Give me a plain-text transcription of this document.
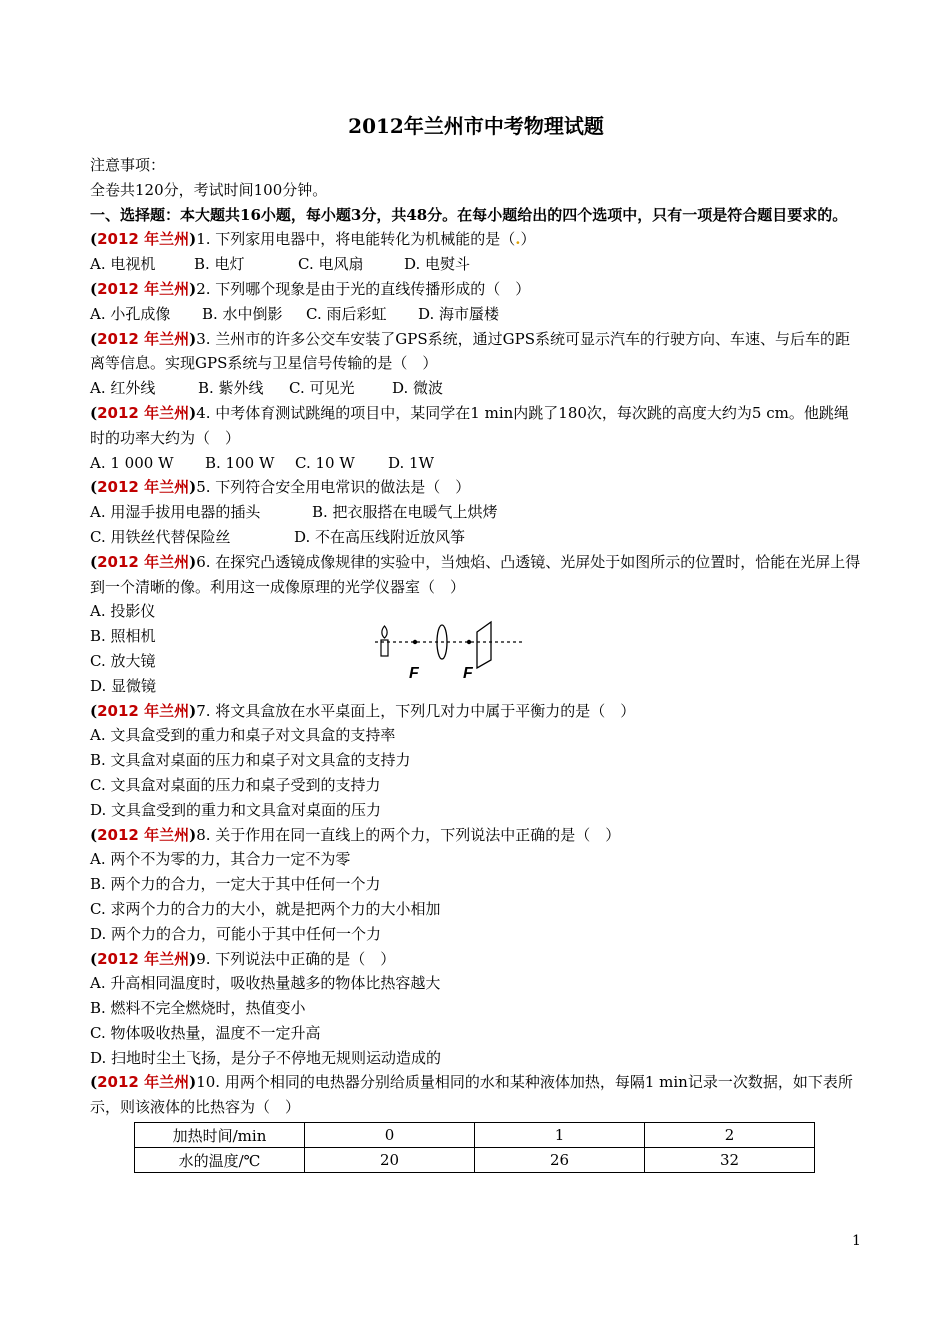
2012年兰州市中考物理试题
注意事项：
全卷共120分，考试时间100分钟。
一、选择题：本大题共16小题，每小题3分，共48分。在每小题给出的四个选项中，只有一项是符合题目要求的。
(2012 年兰州)1. 下列家用电器中，将电能转化为机械能的是（.）
A. 电视机	B. 电灯	C. 电风扇	D. 电熨斗
(2012 年兰州)2. 下列哪个现象是由于光的直线传播形成的（　）
A. 小孔成像 B. 水中倒影 C. 雨后彩虹 D. 海市蜃楼
(2012 年兰州)3. 兰州市的许多公交车安装了GPS系统，通过GPS系统可显示汽车的行驶方向、车速、与后车的距离等信息。实现GPS系统与卫星信号传输的是（　）
A. 红外线	B. 紫外线 C. 可见光	D. 微波
(2012 年兰州)4. 中考体育测试跳绳的项目中，某同学在1 min内跳了180次，每次跳的高度大约为5 cm。他跳绳时的功率大约为（　）
A. 1 000 W B. 100 W C. 10 W D. 1W
(2012 年兰州)5. 下列符合安全用电常识的做法是（　）
A. 用湿手拔用电器的插头	B. 把衣服搭在电暖气上烘烤
C. 用铁丝代替保险丝	D. 不在高压线附近放风筝
(2012 年兰州)6. 在探究凸透镜成像规律的实验中，当烛焰、凸透镜、光屏处于如图所示的位置时，恰能在光屏上得到一个清晰的像。利用这一成像原理的光学仪器室（　）
A. 投影仪
B. 照相机
C. 放大镜
D. 显微镜
F	F
(2012 年兰州)7. 将文具盒放在水平桌面上，下列几对力中属于平衡力的是（　）
A. 文具盒受到的重力和桌子对文具盒的支持率
B. 文具盒对桌面的压力和桌子对文具盒的支持力
C. 文具盒对桌面的压力和桌子受到的支持力
D. 文具盒受到的重力和文具盒对桌面的压力
(2012 年兰州)8. 关于作用在同一直线上的两个力，下列说法中正确的是（　）
A. 两个不为零的力，其合力一定不为零
B. 两个力的合力，一定大于其中任何一个力
C. 求两个力的合力的大小，就是把两个力的大小相加
D. 两个力的合力，可能小于其中任何一个力
(2012 年兰州)9. 下列说法中正确的是（　）
A. 升高相同温度时，吸收热量越多的物体比热容越大
B. 燃料不完全燃烧时，热值变小
C. 物体吸收热量，温度不一定升高
D. 扫地时尘土飞扬，是分子不停地无规则运动造成的
(2012 年兰州)10. 用两个相同的电热器分别给质量相同的水和某种液体加热，每隔1 min记录一次数据，如下表所示，则该液体的比热容为（　）
加热时间/min	0	1	2
水的温度/℃	20	26	32
1
